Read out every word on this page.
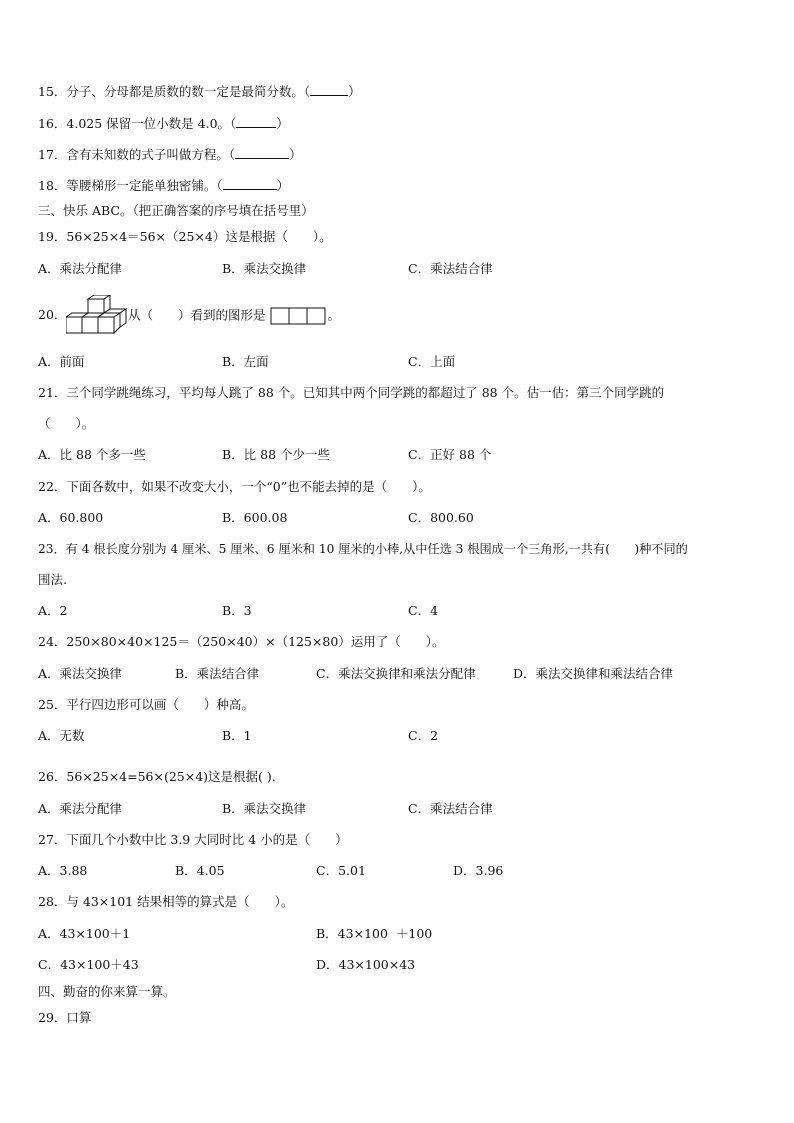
15．分子、分母都是质数的数一定是最简分数。（	）
16．4.025 保留一位小数是 4.0。（	）
17．含有未知数的式子叫做方程。（	）
18．等腰梯形一定能单独密铺。（	）
三、快乐 ABC。（把正确答案的序号填在括号里）
19．56×25×4＝56×（25×4）这是根据（　　）。
A．乘法分配律	B．乘法交换律	C．乘法结合律
20．	从（　　）看到的图形是	。
A．前面	B．左面	C．上面
21．三个同学跳绳练习，平均每人跳了 88 个。已知其中两个同学跳的都超过了 88 个。估一估：第三个同学跳的
（　　）。
A．比 88 个多一些	B．比 88 个少一些	C．正好 88 个
22．下面各数中，如果不改变大小，一个“0”也不能去掉的是（　　）。
A．60.800	B．600.08	C．800.60
23．有 4 根长度分别为 4 厘米、5 厘米、6 厘米和 10 厘米的小棒,从中任选 3 根围成一个三角形,一共有(　　)种不同的
围法.
A．2	B．3	C．4
24．250×80×40×125＝（250×40）×（125×80）运用了（　　）。
A．乘法交换律	B．乘法结合律	C．乘法交换律和乘法分配律	D．乘法交换律和乘法结合律
25．平行四边形可以画（　　）种高。
A．无数	B．1	C．2
26．56×25×4=56×(25×4)这是根据( ).
A．乘法分配律	B．乘法交换律	C．乘法结合律
27．下面几个小数中比 3.9 大同时比 4 小的是（　　）
A．3.88	B．4.05	C．5.01	D．3.96
28．与 43×101 结果相等的算式是（　　）。
A．43×100＋1	B．43×100  ＋100
C．43×100＋43	D．43×100×43
四、勤奋的你来算一算。
29．口算
